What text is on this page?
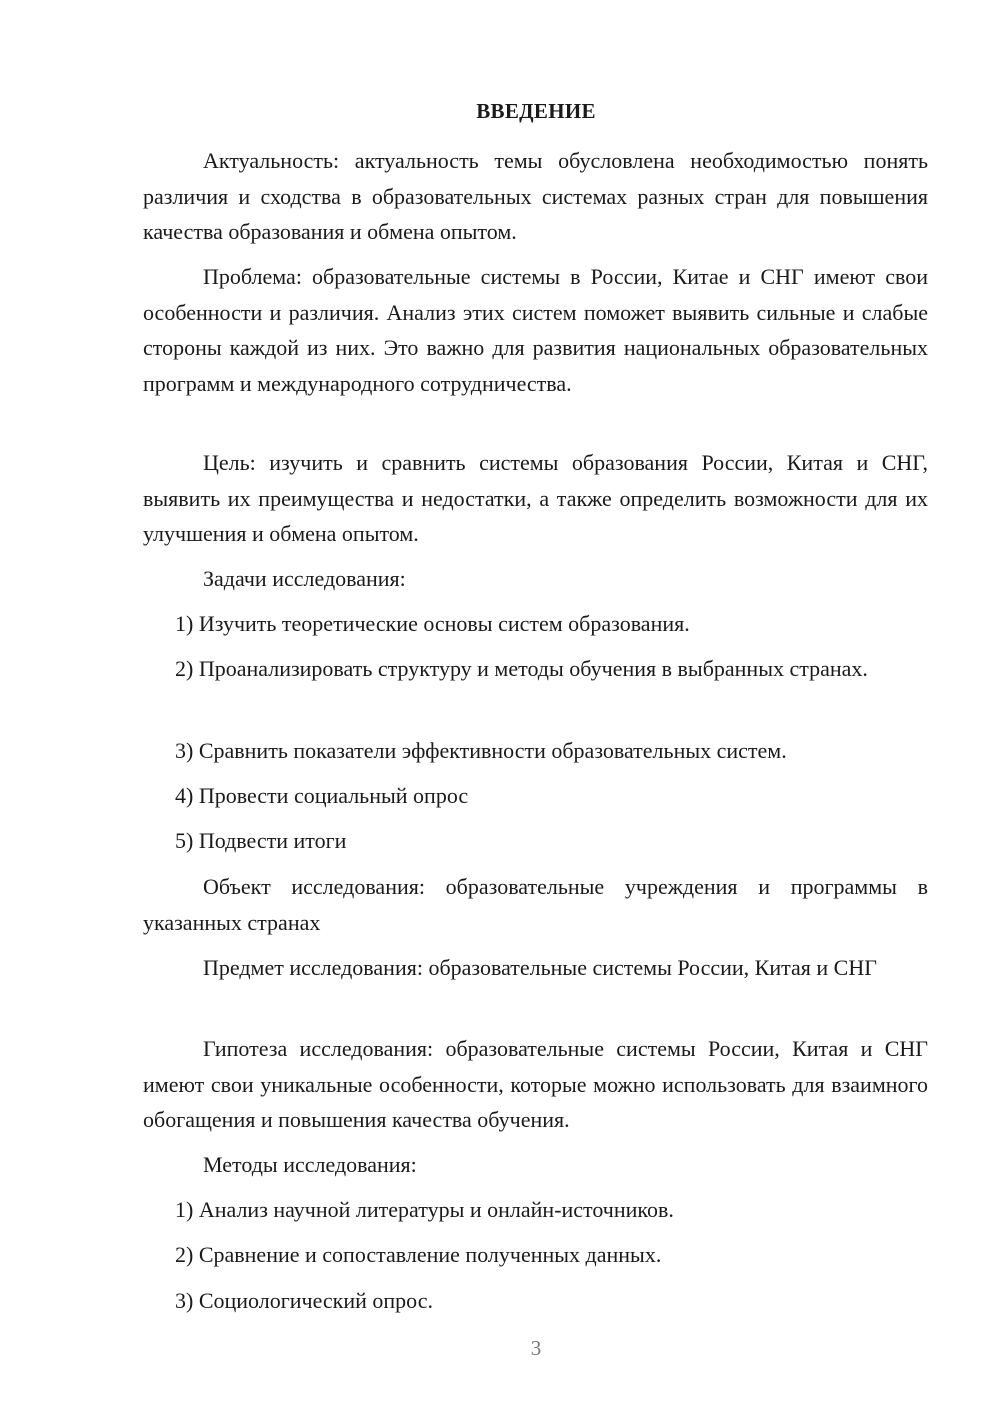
ВВЕДЕНИЕ
Актуальность: актуальность темы обусловлена необходимостью понять различия и сходства в образовательных системах разных стран для повышения качества образования и обмена опытом.
Проблема: образовательные системы в России, Китае и СНГ имеют свои особенности и различия. Анализ этих систем поможет выявить сильные и слабые стороны каждой из них. Это важно для развития национальных образовательных программ и международного сотрудничества.
Цель: изучить и сравнить системы образования России, Китая и СНГ, выявить их преимущества и недостатки, а также определить возможности для их улучшения и обмена опытом.
Задачи исследования:
1) Изучить теоретические основы систем образования.
2) Проанализировать структуру и методы обучения в выбранных странах.
3) Сравнить показатели эффективности образовательных систем.
4) Провести социальный опрос
5) Подвести итоги
Объект исследования: образовательные учреждения и программы в указанных странах
Предмет исследования: образовательные системы России, Китая и СНГ
Гипотеза исследования: образовательные системы России, Китая и СНГ имеют свои уникальные особенности, которые можно использовать для взаимного обогащения и повышения качества обучения.
Методы исследования:
1) Анализ научной литературы и онлайн-источников.
2) Сравнение и сопоставление полученных данных.
3) Социологический опрос.
3
